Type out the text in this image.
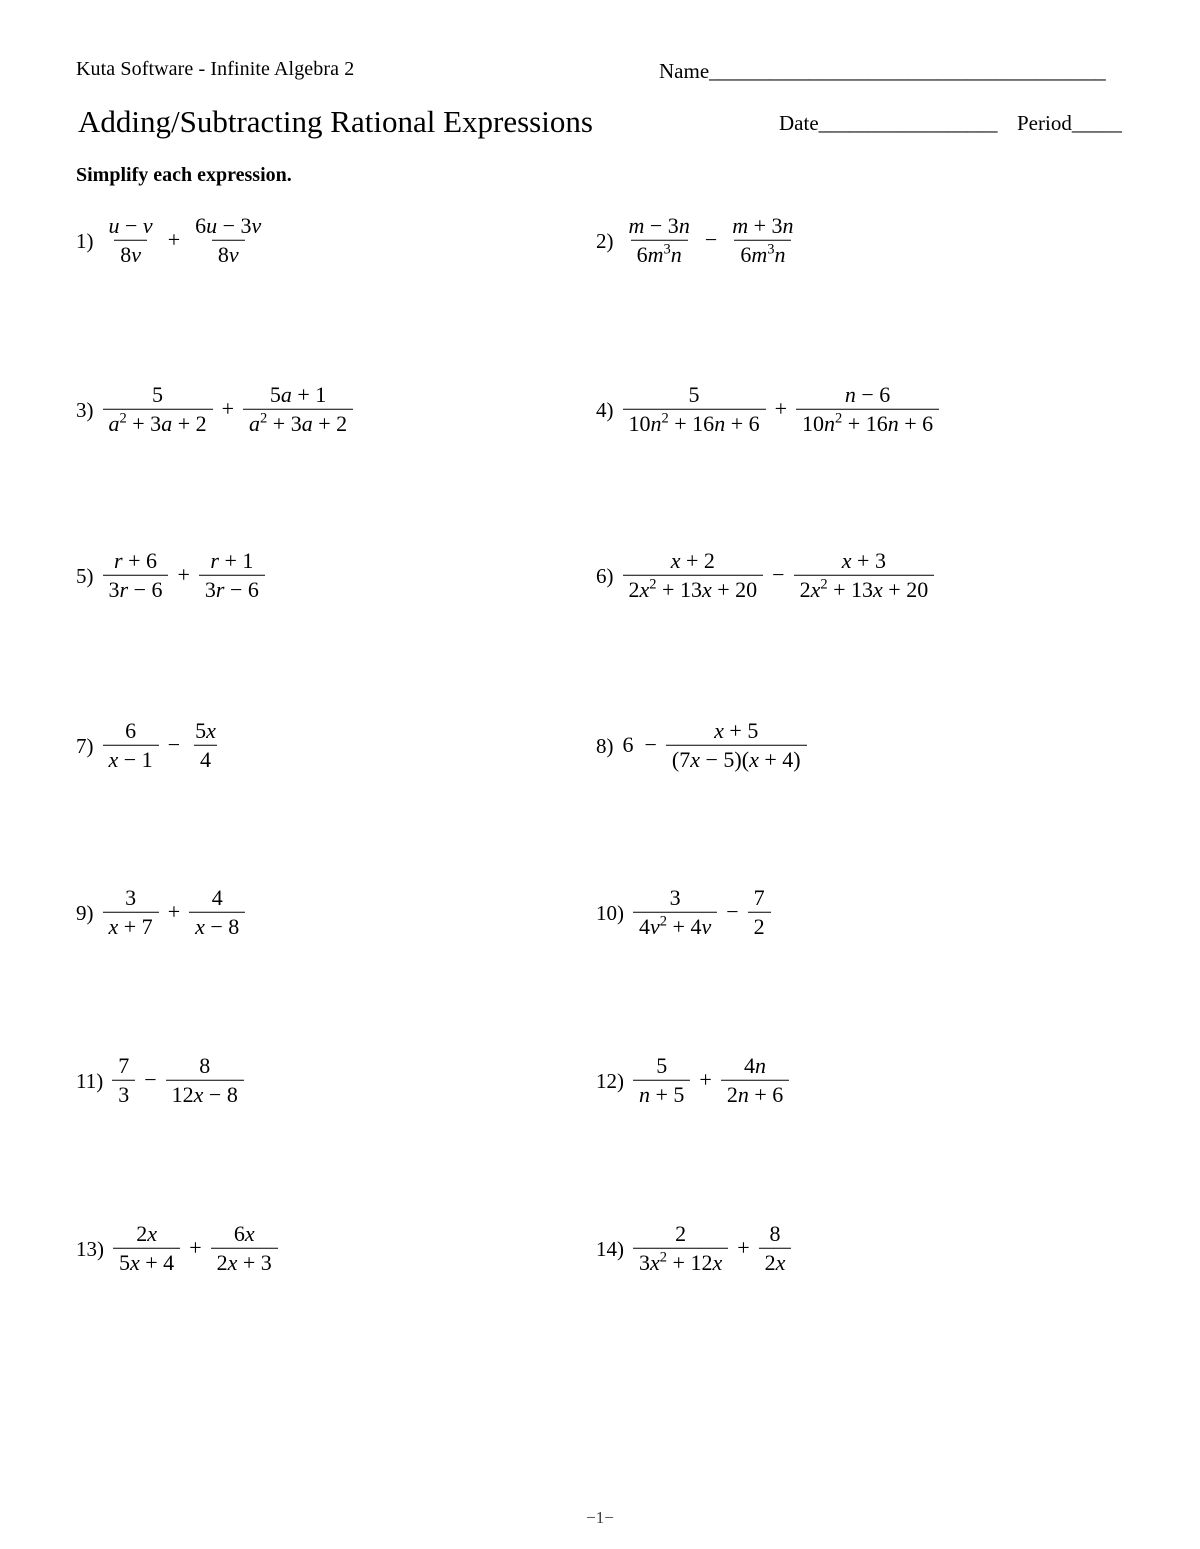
Kuta Software - Infinite Algebra 2	Name________________________________________
Adding/Subtracting Rational Expressions	Date__________________ Period_____
Simplify each expression.
$1) \frac{u - v}{8v} + \frac{6u - 3v}{8v}$	$2) \frac{m - 3n}{6m^3n} - \frac{m + 3n}{6m^3n}$
$3) \frac{5}{a^2 + 3a + 2} + \frac{5a + 1}{a^2 + 3a + 2}$	$4) \frac{5}{10n^2 + 16n + 6} + \frac{n - 6}{10n^2 + 16n + 6}$
$5) \frac{r + 6}{3r - 6} + \frac{r + 1}{3r - 6}$	$6) \frac{x + 2}{2x^2 + 13x + 20} - \frac{x + 3}{2x^2 + 13x + 20}$
$7) \frac{6}{x - 1} - \frac{5x}{4}$	8) $6 - \frac{x + 5}{(7x - 5)(x + 4)}$
$9) \frac{3}{x + 7} + \frac{4}{x - 8}$	$10) \frac{3}{4v^2 + 4v} - \frac{7}{2}$
$11) \frac{7}{3} - \frac{8}{12x - 8}$	$12) \frac{5}{n + 5} + \frac{4n}{2n + 6}$
$13) \frac{2x}{5x + 4} + \frac{6x}{2x + 3}$	$14) \frac{2}{3x^2 + 12x} + \frac{8}{2x}$
−1−
